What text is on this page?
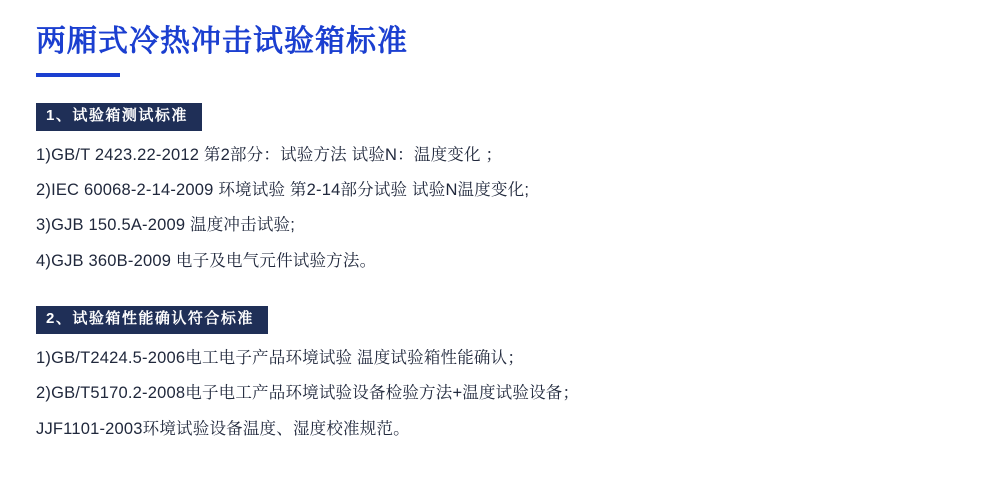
两厢式冷热冲击试验箱标准
1、试验箱测试标准

1)GB/T 2423.22-2012 第2部分：试验方法 试验N：温度变化 ；

2)IEC 60068-2-14-2009 环境试验 第2-14部分试验 试验N温度变化;

3)GJB 150.5A-2009 温度冲击试验;

4)GJB 360B-2009 电子及电气元件试验方法。

2、试验箱性能确认符合标准

1)GB/T2424.5-2006电工电子产品环境试验 温度试验箱性能确认；

2)GB/T5170.2-2008电子电工产品环境试验设备检验方法+温度试验设备；

JJF1101-2003环境试验设备温度、湿度校准规范。
